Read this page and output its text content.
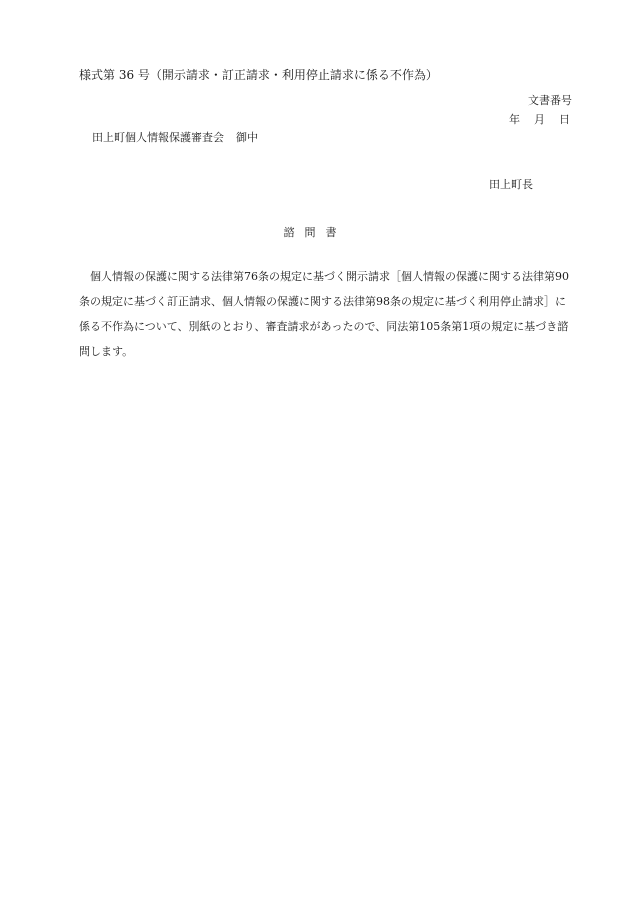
様式第 36 号（開示請求・訂正請求・利用停止請求に係る不作為）
文書番号
年 月 日
田上町個人情報保護審査会 御中
田上町長
諮問書
　個人情報の保護に関する法律第76条の規定に基づく開示請求［個人情報の保護に関する法律第90
条の規定に基づく訂正請求、個人情報の保護に関する法律第98条の規定に基づく利用停止請求］に
係る不作為について、別紙のとおり、審査請求があったので、同法第105条第1項の規定に基づき諮
問します。
